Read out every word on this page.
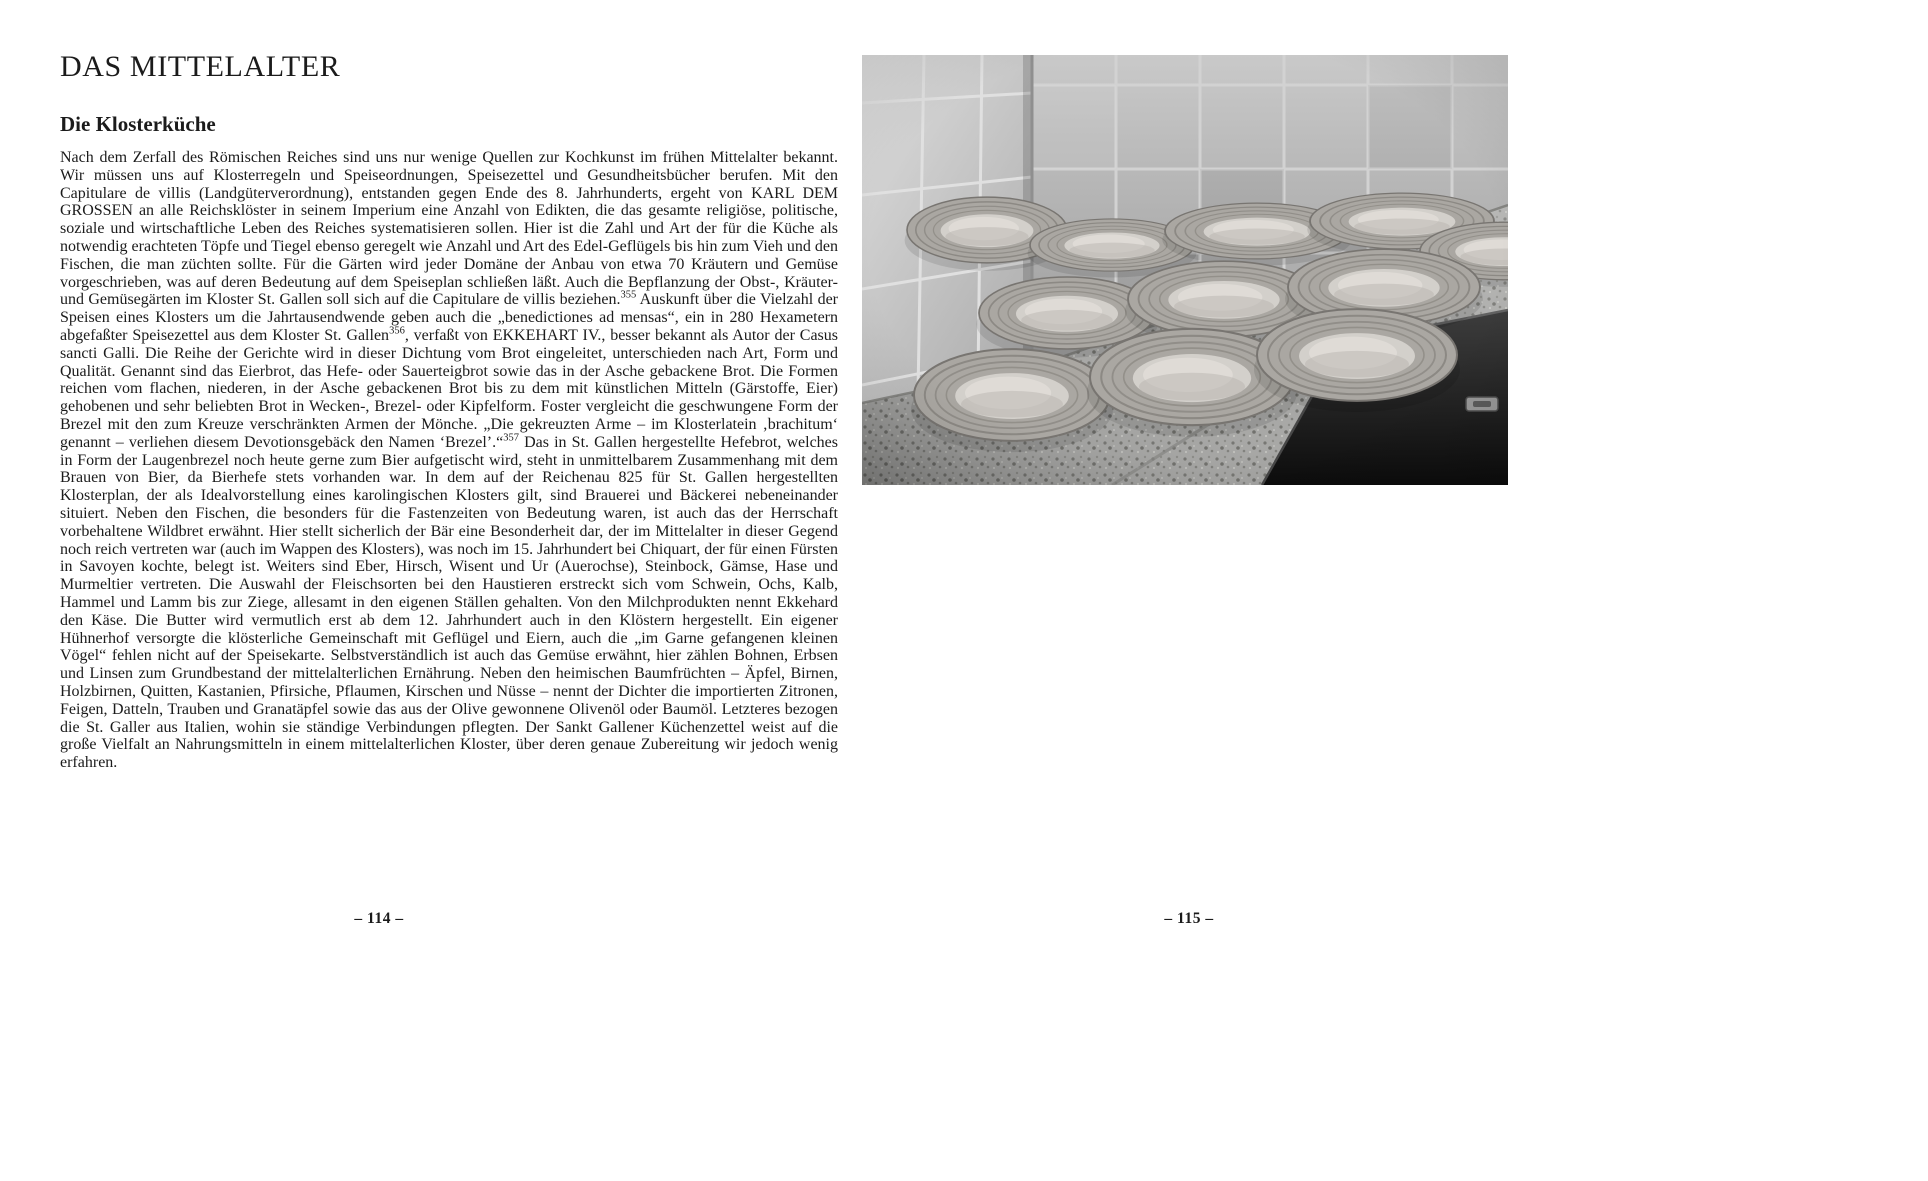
DAS MITTELALTER
Die Klosterküche
Nach dem Zerfall des Römischen Reiches sind uns nur wenige Quellen zur Kochkunst im frühen Mittelalter bekannt. Wir müssen uns auf Klosterregeln und Speiseordnungen, Speisezettel und Gesundheitsbücher berufen. Mit den Capitulare de villis (Landgüterverordnung), entstanden gegen Ende des 8. Jahrhunderts, ergeht von KARL DEM GROSSEN an alle Reichsklöster in seinem Imperium eine Anzahl von Edikten, die das gesamte religiöse, politische, soziale und wirtschaftliche Leben des Reiches systematisieren sollen. Hier ist die Zahl und Art der für die Küche als notwendig erachteten Töpfe und Tiegel ebenso geregelt wie Anzahl und Art des Edel-Geflügels bis hin zum Vieh und den Fischen, die man züchten sollte. Für die Gärten wird jeder Domäne der Anbau von etwa 70 Kräutern und Gemüse vorgeschrieben, was auf deren Bedeutung auf dem Speiseplan schließen läßt. Auch die Bepflanzung der Obst-, Kräuter- und Gemüsegärten im Kloster St. Gallen soll sich auf die Capitulare de villis beziehen.$^{355}$ Auskunft über die Vielzahl der Speisen eines Klosters um die Jahrtausendwende geben auch die „benedictiones ad mensas“, ein in 280 Hexametern abgefaßter Speisezettel aus dem Kloster St. Gallen$^{356}$, verfaßt von EKKEHART IV., besser bekannt als Autor der Casus sancti Galli. Die Reihe der Gerichte wird in dieser Dichtung vom Brot eingeleitet, unterschieden nach Art, Form und Qualität. Genannt sind das Eierbrot, das Hefe- oder Sauerteigbrot sowie das in der Asche gebackene Brot. Die Formen reichen vom flachen, niederen, in der Asche gebackenen Brot bis zu dem mit künstlichen Mitteln (Gärstoffe, Eier) gehobenen und sehr beliebten Brot in Wecken-, Brezel- oder Kipfelform. Foster vergleicht die geschwungene Form der Brezel mit den zum Kreuze verschränkten Armen der Mönche. „Die gekreuzten Arme – im Klosterlatein ‚brachitum‘ genannt – verliehen diesem Devotionsgebäck den Namen ‘Brezel’.“$^{357}$ Das in St. Gallen hergestellte Hefebrot, welches in Form der Laugenbrezel noch heute gerne zum Bier aufgetischt wird, steht in unmittelbarem Zusammenhang mit dem Brauen von Bier, da Bierhefe stets vorhanden war. In dem auf der Reichenau 825 für St. Gallen hergestellten Klosterplan, der als Idealvorstellung eines karolingischen Klosters gilt, sind Brauerei und Bäckerei nebeneinander situiert. Neben den Fischen, die besonders für die Fastenzeiten von Bedeutung waren, ist auch das der Herrschaft vorbehaltene Wildbret erwähnt. Hier stellt sicherlich der Bär eine Besonderheit dar, der im Mittelalter in dieser Gegend noch reich vertreten war (auch im Wappen des Klosters), was noch im 15. Jahrhundert bei Chiquart, der für einen Fürsten in Savoyen kochte, belegt ist. Weiters sind Eber, Hirsch, Wisent und Ur (Auerochse), Steinbock, Gämse, Hase und Murmeltier vertreten. Die Auswahl der Fleischsorten bei den Haustieren erstreckt sich vom Schwein, Ochs, Kalb, Hammel und Lamm bis zur Ziege, allesamt in den eigenen Ställen gehalten. Von den Milchprodukten nennt Ekkehard den Käse. Die Butter wird vermutlich erst ab dem 12. Jahrhundert auch in den Klöstern hergestellt. Ein eigener Hühnerhof versorgte die klösterliche Gemeinschaft mit Geflügel und Eiern, auch die „im Garne gefangenen kleinen Vögel“ fehlen nicht auf der Speisekarte. Selbstverständlich ist auch das Gemüse erwähnt, hier zählen Bohnen, Erbsen und Linsen zum Grundbestand der mittelalterlichen Ernährung. Neben den heimischen Baumfrüchten – Äpfel, Birnen, Holzbirnen, Quitten, Kastanien, Pfirsiche, Pflaumen, Kirschen und Nüsse – nennt der Dichter die importierten Zitronen, Feigen, Datteln, Trauben und Granatäpfel sowie das aus der Olive gewonnene Olivenöl oder Baumöl. Letzteres bezogen die St. Galler aus Italien, wohin sie ständige Verbindungen pflegten. Der Sankt Gallener Küchenzettel weist auf die große Vielfalt an Nahrungsmitteln in einem mittelalterlichen Kloster, über deren genaue Zubereitung wir jedoch wenig erfahren.
– 114 –	– 115 –
